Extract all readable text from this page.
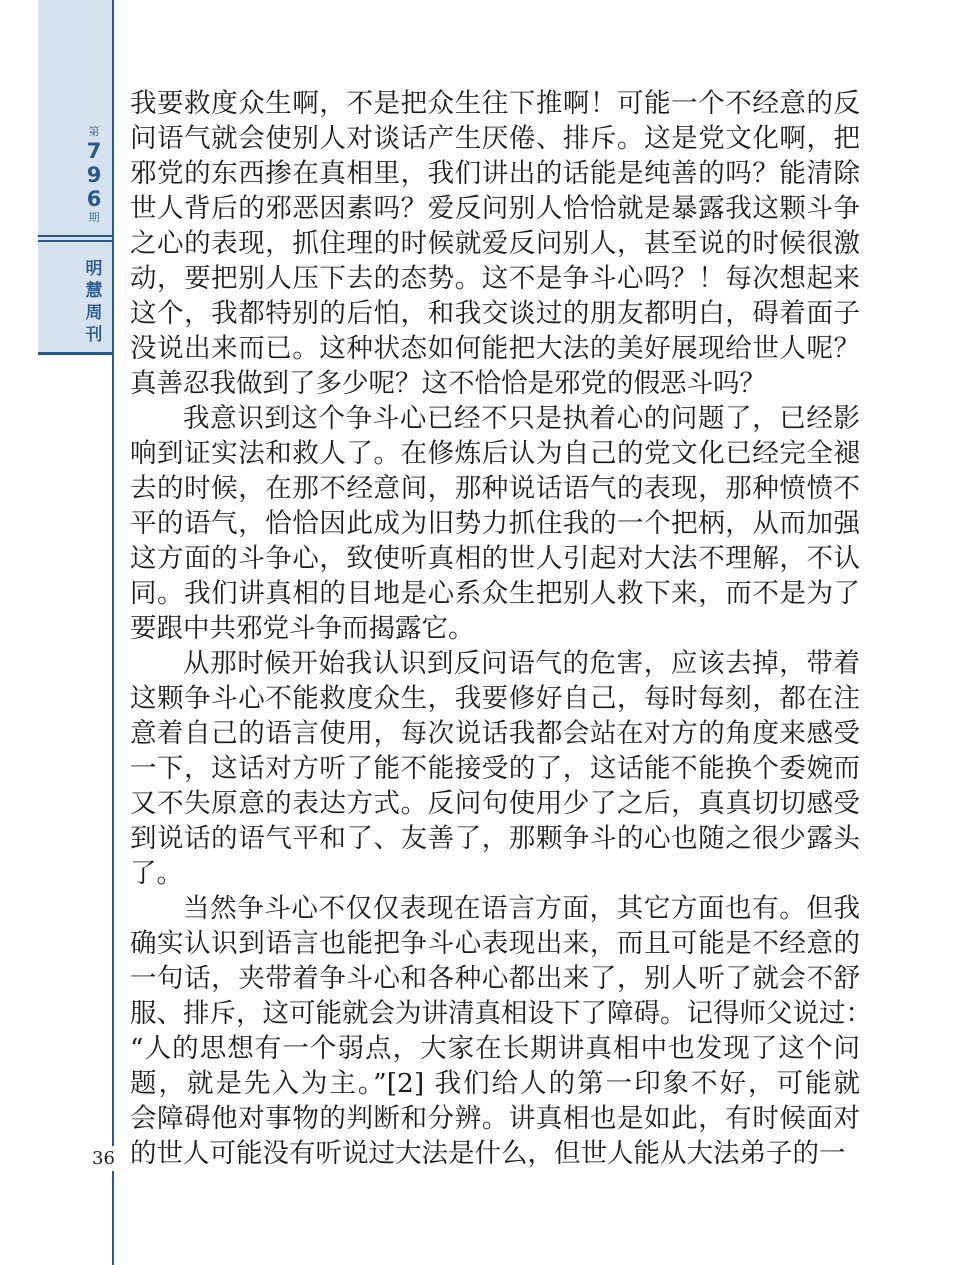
第
7
9
6
期
明
慧
周
刊
36

我要救度众生啊，不是把众生往下推啊！可能一个不经意的反
问语气就会使别人对谈话产生厌倦、排斥。这是党文化啊，把
邪党的东西掺在真相里，我们讲出的话能是纯善的吗？能清除
世人背后的邪恶因素吗？爱反问别人恰恰就是暴露我这颗斗争
之心的表现，抓住理的时候就爱反问别人，甚至说的时候很激
动，要把别人压下去的态势。这不是争斗心吗？！每次想起来
这个，我都特别的后怕，和我交谈过的朋友都明白，碍着面子
没说出来而已。这种状态如何能把大法的美好展现给世人呢？
真善忍我做到了多少呢？这不恰恰是邪党的假恶斗吗？

我意识到这个争斗心已经不只是执着心的问题了，已经影
响到证实法和救人了。在修炼后认为自己的党文化已经完全褪
去的时候，在那不经意间，那种说话语气的表现，那种愤愤不
平的语气，恰恰因此成为旧势力抓住我的一个把柄，从而加强
这方面的斗争心，致使听真相的世人引起对大法不理解，不认
同。我们讲真相的目地是心系众生把别人救下来，而不是为了
要跟中共邪党斗争而揭露它。

从那时候开始我认识到反问语气的危害，应该去掉，带着
这颗争斗心不能救度众生，我要修好自己，每时每刻，都在注
意着自己的语言使用，每次说话我都会站在对方的角度来感受
一下，这话对方听了能不能接受的了，这话能不能换个委婉而
又不失原意的表达方式。反问句使用少了之后，真真切切感受
到说话的语气平和了、友善了，那颗争斗的心也随之很少露头
了。

当然争斗心不仅仅表现在语言方面，其它方面也有。但我
确实认识到语言也能把争斗心表现出来，而且可能是不经意的
一句话，夹带着争斗心和各种心都出来了，别人听了就会不舒
服、排斥，这可能就会为讲清真相设下了障碍。记得师父说过：
“人的思想有一个弱点，大家在长期讲真相中也发现了这个问
题，就是先入为主。”[2] 我们给人的第一印象不好，可能就
会障碍他对事物的判断和分辨。讲真相也是如此，有时候面对
的世人可能没有听说过大法是什么，但世人能从大法弟子的一
